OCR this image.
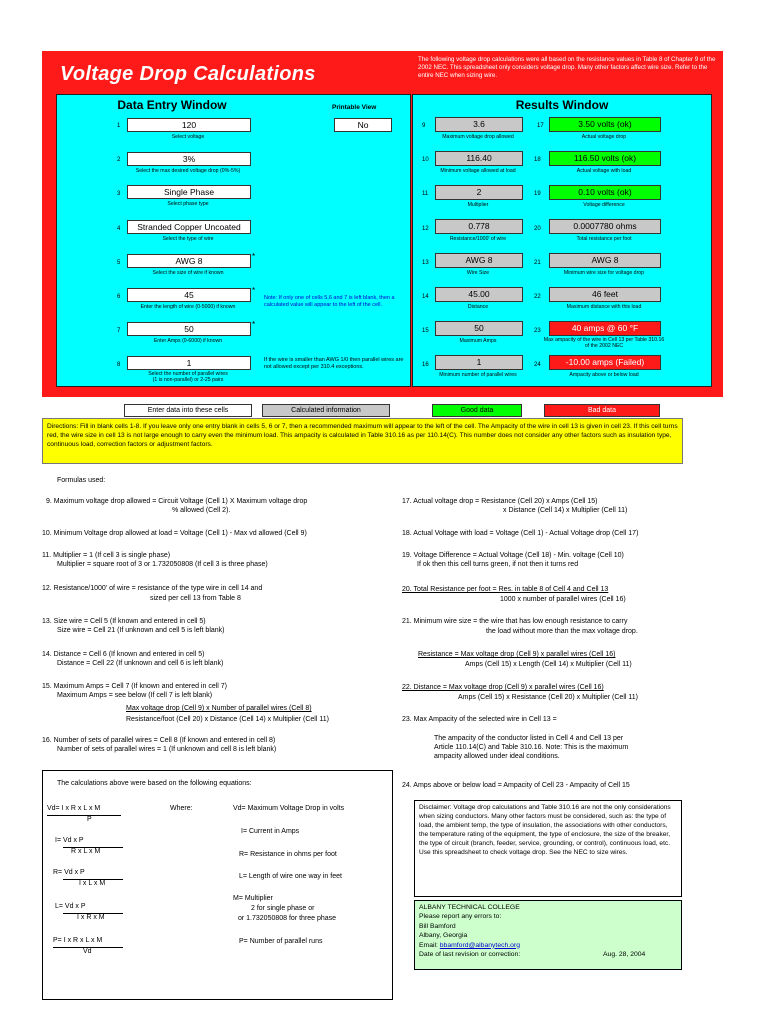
Voltage Drop Calculations
The following voltage drop calculations were all based on the resistance values in Table 8 of Chapter 9 of the 2002 NEC. This spreadsheet only considers voltage drop. Many other factors affect wire size. Refer to the entire NEC when sizing wire.
Data Entry Window	Printable View
No
1	120
Select voltage
2	3%
Select the max desired voltage drop (0%-5%)
3	Single Phase
Select phase type
4	Stranded Copper Uncoated
Select the type of wire
5	AWG 8	*
Select the size of wire if known
6	45	*
Enter the length of wire (0-5000) if known
7	50	*
Enter Amps (0-6000) if known
8	1
Select the number of parallel wires
(1 is non-parallel) or 2-25 pairs
Note: If only one of cells 5,6 and 7 is left blank, then a calculated value will appear to the left of the cell.
If the wire is smaller than AWG 1/0 then parallel wires are not allowed except per 310.4 exceptions.
Results Window
9	3.6
Maximum voltage drop allowed
10	116.40
Minimum voltage allowed at load
11	2
Multiplier
12	0.778
Resistance/1000' of wire
13	AWG 8
Wire Size
14	45.00
Distance
15	50
Maximum Amps
16	1
Minimum number of parallel wires
17	3.50 volts (ok)
Actual voltage drop
18	116.50 volts (ok)
Actual voltage with load
19	0.10 volts (ok)
Voltage difference
20	0.0007780 ohms
Total resistance per foot
21	AWG 8
Minimum wire size for voltage drop
22	46 feet
Maximum distance with this load
23	40 amps @ 60 °F
Max ampacity of the wire in Cell 13 per Table 310.16 of the 2002 NEC
24	-10.00 amps (Failed)
Ampacity above or below load
Enter data into these cells	Calculated information	Good data	Bad data
Directions: Fill in blank cells 1-8. If you leave only one entry blank in cells 5, 6 or 7, then a recommended maximum will appear to the left of the cell. The Ampacity of the wire in cell 13 is given in cell 23. If this cell turns red, the wire size in cell 13 is not large enough to carry even the minimum load. This ampacity is calculated in Table 310.16 as per 110.14(C). This number does not consider any other factors such as insulation type, continuous load, correction factors or adjustment factors.
Formulas used:
9. Maximum voltage drop allowed = Circuit Voltage (Cell 1) X Maximum voltage drop
% allowed (Cell 2).
10. Minimum Voltage drop allowed at load = Voltage (Cell 1) - Max vd allowed (Cell 9)
11. Multiplier = 1 (If cell 3 is single phase)
Multiplier = square root of 3 or 1.732050808 (If cell 3 is three phase)
12. Resistance/1000' of wire = resistance of the type wire in cell 14 and
sized per cell 13 from Table 8
13. Size wire = Cell 5 (If known and entered in cell 5)
Size wire = Cell 21 (If unknown and cell 5 is left blank)
14. Distance = Cell 6 (If known and entered in cell 5)
Distance = Cell 22 (If unknown and cell 6 is left blank)
15. Maximum Amps = Cell 7 (If known and entered in cell 7)
Maximum Amps = see below (If cell 7 is left blank)
Max voltage drop (Cell 9) x Number of parallel wires (Cell 8)
Resistance/foot (Cell 20) x Distance (Cell 14) x Multiplier (Cell 11)
16. Number of sets of parallel wires = Cell 8 (If known and entered in cell 8)
Number of sets of parallel wires = 1 (If unknown and cell 8 is left blank)
17. Actual voltage drop = Resistance (Cell 20) x Amps (Cell 15)
x Distance (Cell 14) x Multiplier (Cell 11)
18. Actual Voltage with load = Voltage (Cell 1) - Actual Voltage drop (Cell 17)
19. Voltage Difference = Actual Voltage (Cell 18) - Min. voltage (Cell 10)
If ok then this cell turns green, if not then it turns red
20. Total Resistance per foot = Res. in table 8 of Cell 4 and Cell 13
1000 x number of parallel wires (Cell 16)
21. Minimum wire size = the wire that has low enough resistance to carry
the load without more than the max voltage drop.
Resistance = Max voltage drop (Cell 9) x parallel wires (Cell 16)
Amps (Cell 15) x Length (Cell 14) x Multiplier (Cell 11)
22. Distance = Max voltage drop (Cell 9) x parallel wires (Cell 16)
Amps (Cell 15) x Resistance (Cell 20) x Multiplier (Cell 11)
23. Max Ampacity of the selected wire in Cell 13 =
The ampacity of the conductor listed in Cell 4 and Cell 13 per
Article 110.14(C) and Table 310.16. Note: This is the maximum
ampacity allowed under ideal conditions.
24. Amps above or below load = Ampacity of Cell 23 - Ampacity of Cell 15
The calculations above were based on the following equations:
Vd= I x R x L x M
P
I= Vd x P
R x L x M
R= Vd x P
I x L x M
L= Vd x P
I x R x M
P= I x R x L x M
Vd
Where:	Vd= Maximum Voltage Drop in volts
I= Current in Amps
R= Resistance in ohms per foot
L= Length of wire one way in feet
M= Multiplier
2 for single phase or
or 1.732050808 for three phase
P= Number of parallel runs
Disclaimer: Voltage drop calculations and Table 310.16 are not the only considerations when sizing conductors. Many other factors must be considered, such as: the type of load, the ambient temp, the type of insulation, the associations with other conductors, the temperature rating of the equipment, the type of enclosure, the size of the breaker, the type of circuit (branch, feeder, service, grounding, or control), continuous load, etc. Use this spreadsheet to check voltage drop. See the NEC to size wires.
ALBANY TECHNICAL COLLEGE
Please report any errors to:
Bill Bamford
Albany, Georgia
Email: bbamford@albanytech.org
Date of last revision or correction:	Aug. 28, 2004
